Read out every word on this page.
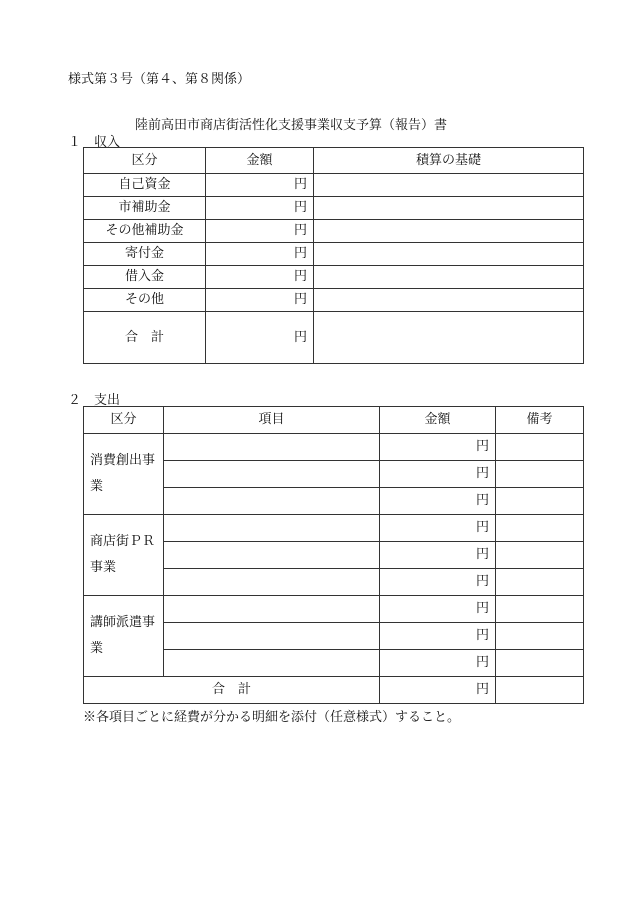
様式第３号（第４、第８関係）
陸前高田市商店街活性化支援事業収支予算（報告）書
１　収入
区分	金額	積算の基礎
自己資金	円	
市補助金	円	
その他補助金	円	
寄付金	円	
借入金	円	
その他	円	
合　計	円	
２　支出
区分	項目	金額	備考
消費創出事業		円	
		円	
		円	
商店街ＰＲ事業		円	
		円	
		円	
講師派遣事業		円	
		円	
		円	
合　計		円	
※各項目ごとに経費が分かる明細を添付（任意様式）すること。
